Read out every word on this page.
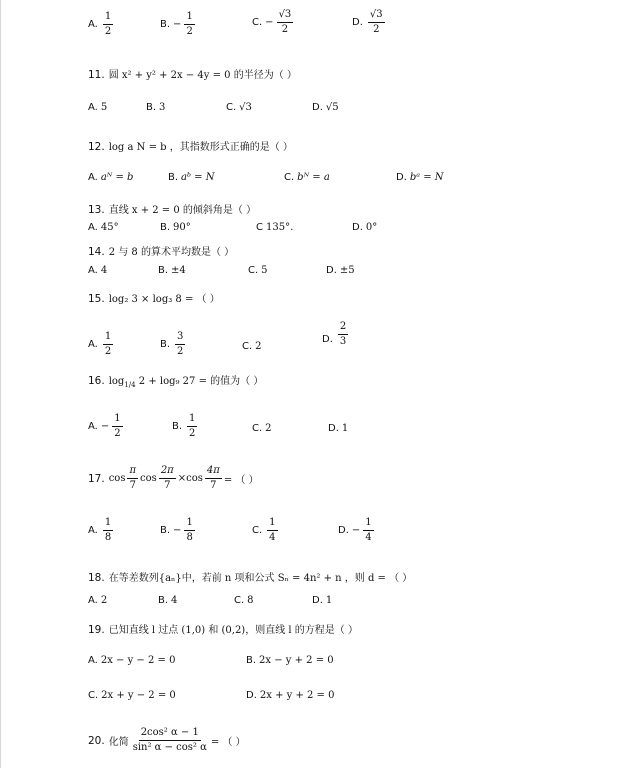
A. $\frac{1}{2}$	B. − $\frac{1}{2}$	C. − $\frac{√3}{2}$	D. $\frac{√3}{2}$
11. 圆 x² + y² + 2x − 4y = 0 的半径为（ ）
A. 5	B. 3	C. √3	D. √5
12. log a N = b ，其指数形式正确的是（ ）
A. aᴺ = b	B. aᵇ = N	C. bᴺ = a	D. bᵃ = N
13. 直线 x + 2 = 0 的倾斜角是（ ）
A. 45°	B. 90°	C 135°.	D. 0°
14. 2 与 8 的算术平均数是（ ）
A. 4	B. ±4	C. 5	D. ±5
15. log₂ 3 × log₃ 8 = （ ）
A. $\frac{1}{2}$	B. $\frac{3}{2}$	C. 2
D. $\frac{2}{3}$
16. $\log_{1/4} 2 + \log_9$ 27 = 的值为（ ）
A. − $\frac{1}{2}$	B. $\frac{1}{2}$	C. 2	D. 1
17. $\cos \frac{\pi}{7}$ $\cos \frac{2\pi}{7} \times\cos \frac{4\pi}{7}$ = （ ）
A. $\frac{1}{8}$	B. − $\frac{1}{8}$	C. $\frac{1}{4}$	D. − $\frac{1}{4}$
18. 在等差数列{aₙ}中，若前 n 项和公式 Sₙ = 4n² + n ，则 d = （ ）
A. 2	B. 4	C. 8	D. 1
19. 已知直线 l 过点 (1,0) 和 (0,2)，则直线 l 的方程是（ ）
A. 2x − y − 2 = 0	B. 2x − y + 2 = 0
C. 2x + y − 2 = 0	D. 2x + y + 2 = 0
20. 化简 $\frac{\text{2cos² α − 1}}{\text{sin² α − cos² α}}$ = （ ）
